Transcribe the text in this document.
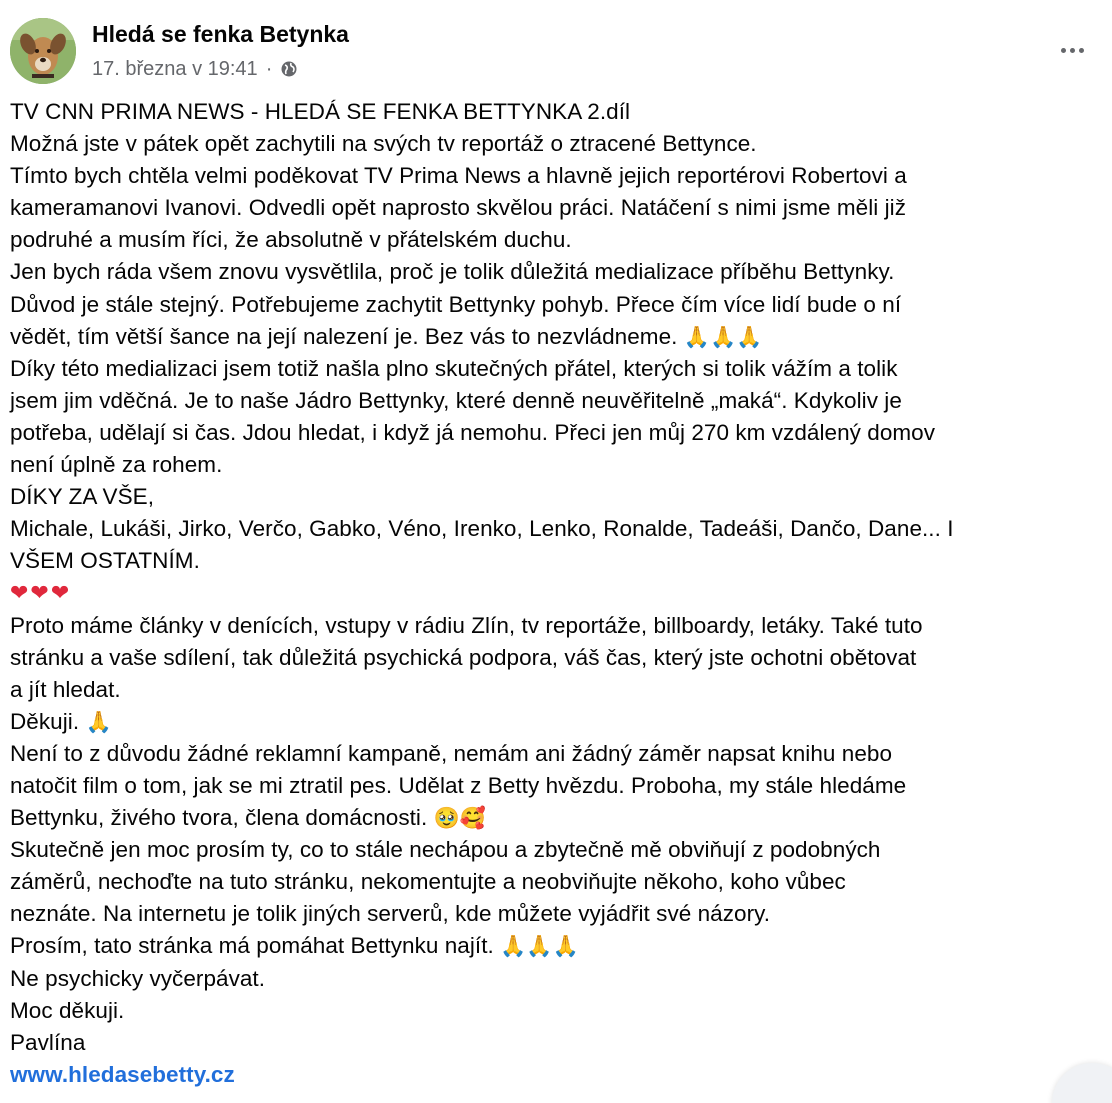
Hledá se fenka Betynka
17. března v 19:41 ·
TV CNN PRIMA NEWS - HLEDÁ SE FENKA BETTYNKA 2.díl
Možná jste v pátek opět zachytili na svých tv reportáž o ztracené Bettynce.
Tímto bych chtěla velmi poděkovat TV Prima News a hlavně jejich reportérovi Robertovi a
kameramanovi Ivanovi. Odvedli opět naprosto skvělou práci. Natáčení s nimi jsme měli již
podruhé a musím říci, že absolutně v přátelském duchu.
Jen bych ráda všem znovu vysvětlila, proč je tolik důležitá medializace příběhu Bettynky.
Důvod je stále stejný. Potřebujeme zachytit Bettynky pohyb. Přece čím více lidí bude o ní
vědět, tím větší šance na její nalezení je. Bez vás to nezvládneme. 🙏🙏🙏
Díky této medializaci jsem totiž našla plno skutečných přátel, kterých si tolik vážím a tolik
jsem jim vděčná. Je to naše Jádro Bettynky, které denně neuvěřitelně „maká“. Kdykoliv je
potřeba, udělají si čas. Jdou hledat, i když já nemohu. Přeci jen můj 270 km vzdálený domov
není úplně za rohem.
DÍKY ZA VŠE,
Michale, Lukáši, Jirko, Verčo, Gabko, Véno, Irenko, Lenko, Ronalde, Tadeáši, Dančo, Dane... I
VŠEM OSTATNÍM.
❤❤❤
Proto máme články v denících, vstupy v rádiu Zlín, tv reportáže, billboardy, letáky. Také tuto
stránku a vaše sdílení, tak důležitá psychická podpora, váš čas, který jste ochotni obětovat
a jít hledat.
Děkuji. 🙏
Není to z důvodu žádné reklamní kampaně, nemám ani žádný záměr napsat knihu nebo
natočit film o tom, jak se mi ztratil pes. Udělat z Betty hvězdu. Proboha, my stále hledáme
Bettynku, živého tvora, člena domácnosti. 🥹🥰
Skutečně jen moc prosím ty, co to stále nechápou a zbytečně mě obviňují z podobných
záměrů, nechoďte na tuto stránku, nekomentujte a neobviňujte někoho, koho vůbec
neznáte. Na internetu je tolik jiných serverů, kde můžete vyjádřit své názory.
Prosím, tato stránka má pomáhat Bettynku najít. 🙏🙏🙏
Ne psychicky vyčerpávat.
Moc děkuji.
Pavlína
www.hledasebetty.cz
